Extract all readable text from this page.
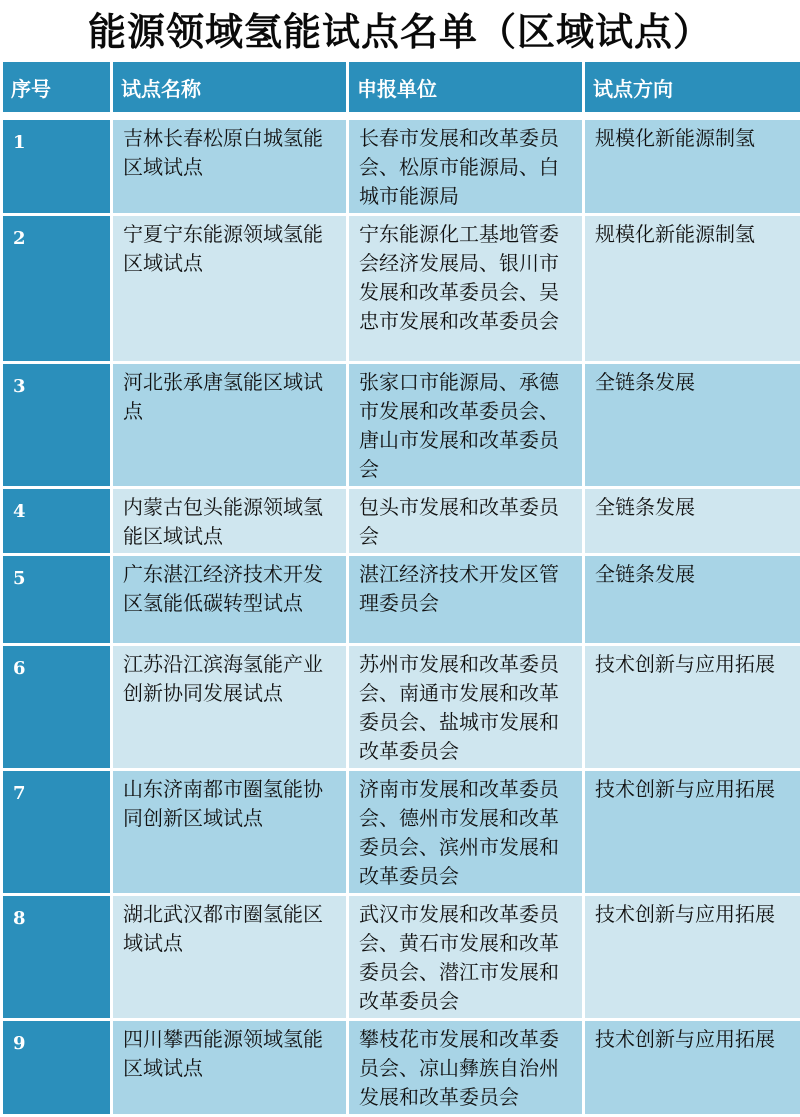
能源领域氢能试点名单（区域试点）
序号	试点名称	申报单位	试点方向
1	吉林长春松原白城氢能区域试点	长春市发展和改革委员会、松原市能源局、白城市能源局	规模化新能源制氢
2	宁夏宁东能源领域氢能区域试点	宁东能源化工基地管委会经济发展局、银川市发展和改革委员会、吴忠市发展和改革委员会	规模化新能源制氢
3	河北张承唐氢能区域试点	张家口市能源局、承德市发展和改革委员会、唐山市发展和改革委员会	全链条发展
4	内蒙古包头能源领域氢能区域试点	包头市发展和改革委员会	全链条发展
5	广东湛江经济技术开发区氢能低碳转型试点	湛江经济技术开发区管理委员会	全链条发展
6	江苏沿江滨海氢能产业创新协同发展试点	苏州市发展和改革委员会、南通市发展和改革委员会、盐城市发展和改革委员会	技术创新与应用拓展
7	山东济南都市圈氢能协同创新区域试点	济南市发展和改革委员会、德州市发展和改革委员会、滨州市发展和改革委员会	技术创新与应用拓展
8	湖北武汉都市圈氢能区域试点	武汉市发展和改革委员会、黄石市发展和改革委员会、潜江市发展和改革委员会	技术创新与应用拓展
9	四川攀西能源领域氢能区域试点	攀枝花市发展和改革委员会、凉山彝族自治州发展和改革委员会	技术创新与应用拓展
